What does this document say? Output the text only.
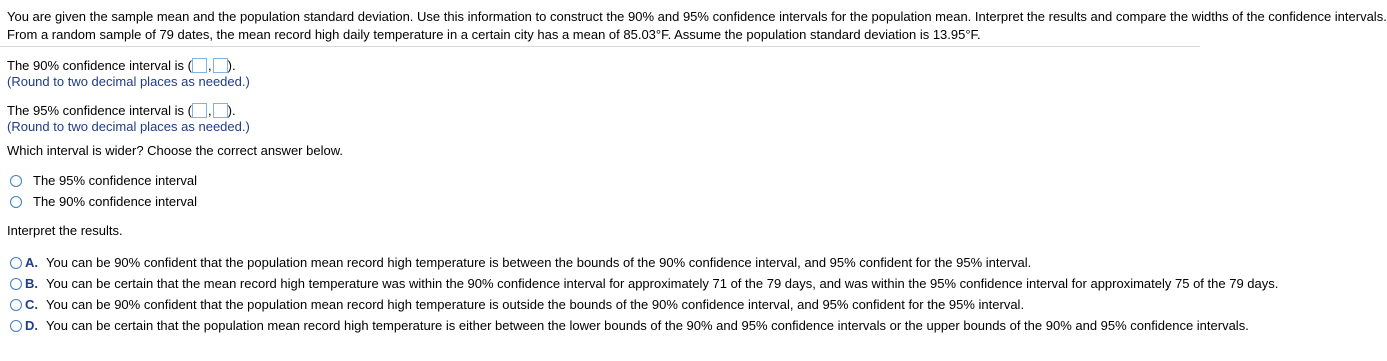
You are given the sample mean and the population standard deviation. Use this information to construct the 90% and 95% confidence intervals for the population mean. Interpret the results and compare the widths of the confidence intervals.
From a random sample of 79 dates, the mean record high daily temperature in a certain city has a mean of 85.03°F. Assume the population standard deviation is 13.95°F.
The 90% confidence interval is ( , ).
(Round to two decimal places as needed.)
The 95% confidence interval is ( , ).
(Round to two decimal places as needed.)
Which interval is wider? Choose the correct answer below.
The 95% confidence interval
The 90% confidence interval
Interpret the results.
A. You can be 90% confident that the population mean record high temperature is between the bounds of the 90% confidence interval, and 95% confident for the 95% interval.
B. You can be certain that the mean record high temperature was within the 90% confidence interval for approximately 71 of the 79 days, and was within the 95% confidence interval for approximately 75 of the 79 days.
C. You can be 90% confident that the population mean record high temperature is outside the bounds of the 90% confidence interval, and 95% confident for the 95% interval.
D. You can be certain that the population mean record high temperature is either between the lower bounds of the 90% and 95% confidence intervals or the upper bounds of the 90% and 95% confidence intervals.
